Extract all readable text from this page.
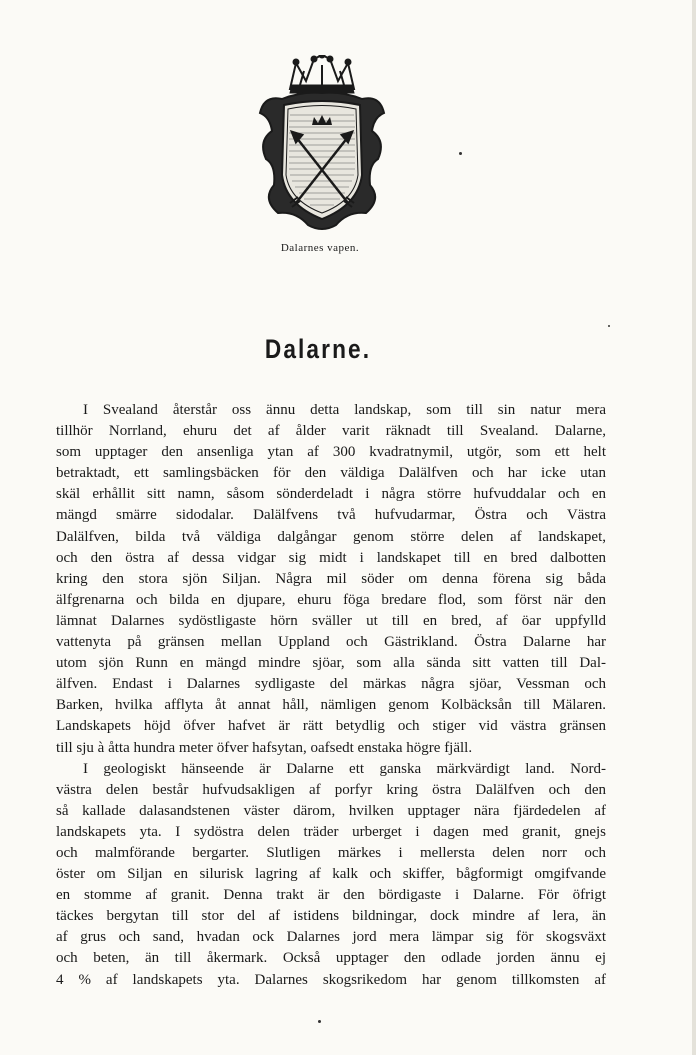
Dalarnes vapen.
Dalarne.
I Svealand återstår oss ännu detta landskap, som till sin natur mera
tillhör Norrland, ehuru det af ålder varit räknadt till Svealand. Dalarne,
som upptager den ansenliga ytan af 300 kvadratnymil, utgör, som ett helt
betraktadt, ett samlingsbäcken för den väldiga Dalälfven och har icke utan
skäl erhållit sitt namn, såsom sönderdeladt i några större hufvuddalar och en
mängd smärre sidodalar. Dalälfvens två hufvudarmar, Östra och Västra
Dalälfven, bilda två väldiga dalgångar genom större delen af landskapet,
och den östra af dessa vidgar sig midt i landskapet till en bred dalbotten
kring den stora sjön Siljan. Några mil söder om denna förena sig båda
älfgrenarna och bilda en djupare, ehuru föga bredare flod, som först när den
lämnat Dalarnes sydöstligaste hörn sväller ut till en bred, af öar uppfylld
vattenyta på gränsen mellan Uppland och Gästrikland. Östra Dalarne har
utom sjön Runn en mängd mindre sjöar, som alla sända sitt vatten till Dal-
älfven. Endast i Dalarnes sydligaste del märkas några sjöar, Vessman och
Barken, hvilka afflyta åt annat håll, nämligen genom Kolbäcksån till Mälaren.
Landskapets höjd öfver hafvet är rätt betydlig och stiger vid västra gränsen
till sju à åtta hundra meter öfver hafsytan, oafsedt enstaka högre fjäll.
I geologiskt hänseende är Dalarne ett ganska märkvärdigt land. Nord-
västra delen består hufvudsakligen af porfyr kring östra Dalälfven och den
så kallade dalasandstenen väster därom, hvilken upptager nära fjärdedelen af
landskapets yta. I sydöstra delen träder urberget i dagen med granit, gnejs
och malmförande bergarter. Slutligen märkes i mellersta delen norr och
öster om Siljan en silurisk lagring af kalk och skiffer, bågformigt omgifvande
en stomme af granit. Denna trakt är den bördigaste i Dalarne. För öfrigt
täckes bergytan till stor del af istidens bildningar, dock mindre af lera, än
af grus och sand, hvadan ock Dalarnes jord mera lämpar sig för skogsväxt
och beten, än till åkermark. Också upptager den odlade jorden ännu ej
4 % af landskapets yta. Dalarnes skogsrikedom har genom tillkomsten af
